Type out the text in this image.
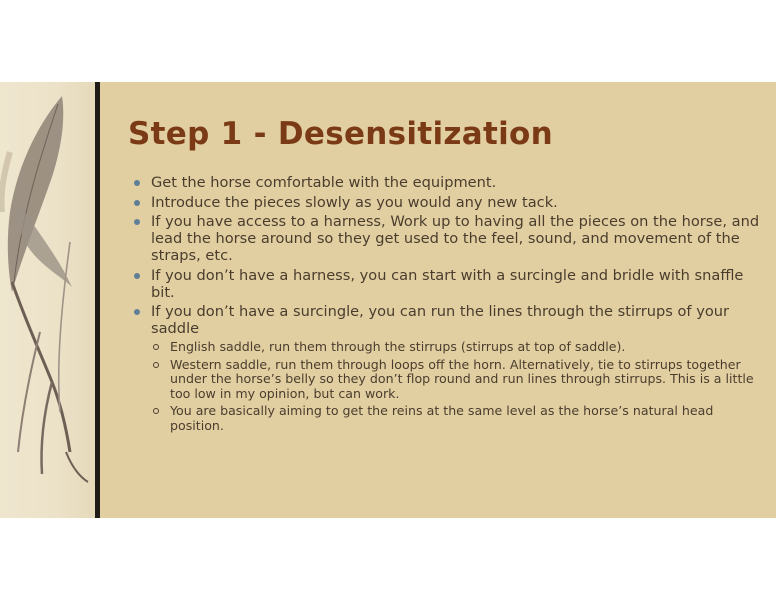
Step 1 - Desensitization
Get the horse comfortable with the equipment.
Introduce the pieces slowly as you would any new tack.
If you have access to a harness, Work up to having all the pieces on the horse, and lead the horse around so they get used to the feel, sound, and movement of the straps, etc.
If you don’t have a harness, you can start with a surcingle and bridle with snaffle bit.
If you don’t have a surcingle, you can run the lines through the stirrups of your saddle
English saddle, run them through the stirrups (stirrups at top of saddle).
Western saddle, run them through loops off the horn. Alternatively, tie to stirrups together under the horse’s belly so they don’t flop round and run lines through stirrups. This is a little too low in my opinion, but can work.
You are basically aiming to get the reins at the same level as the horse’s natural head position.
